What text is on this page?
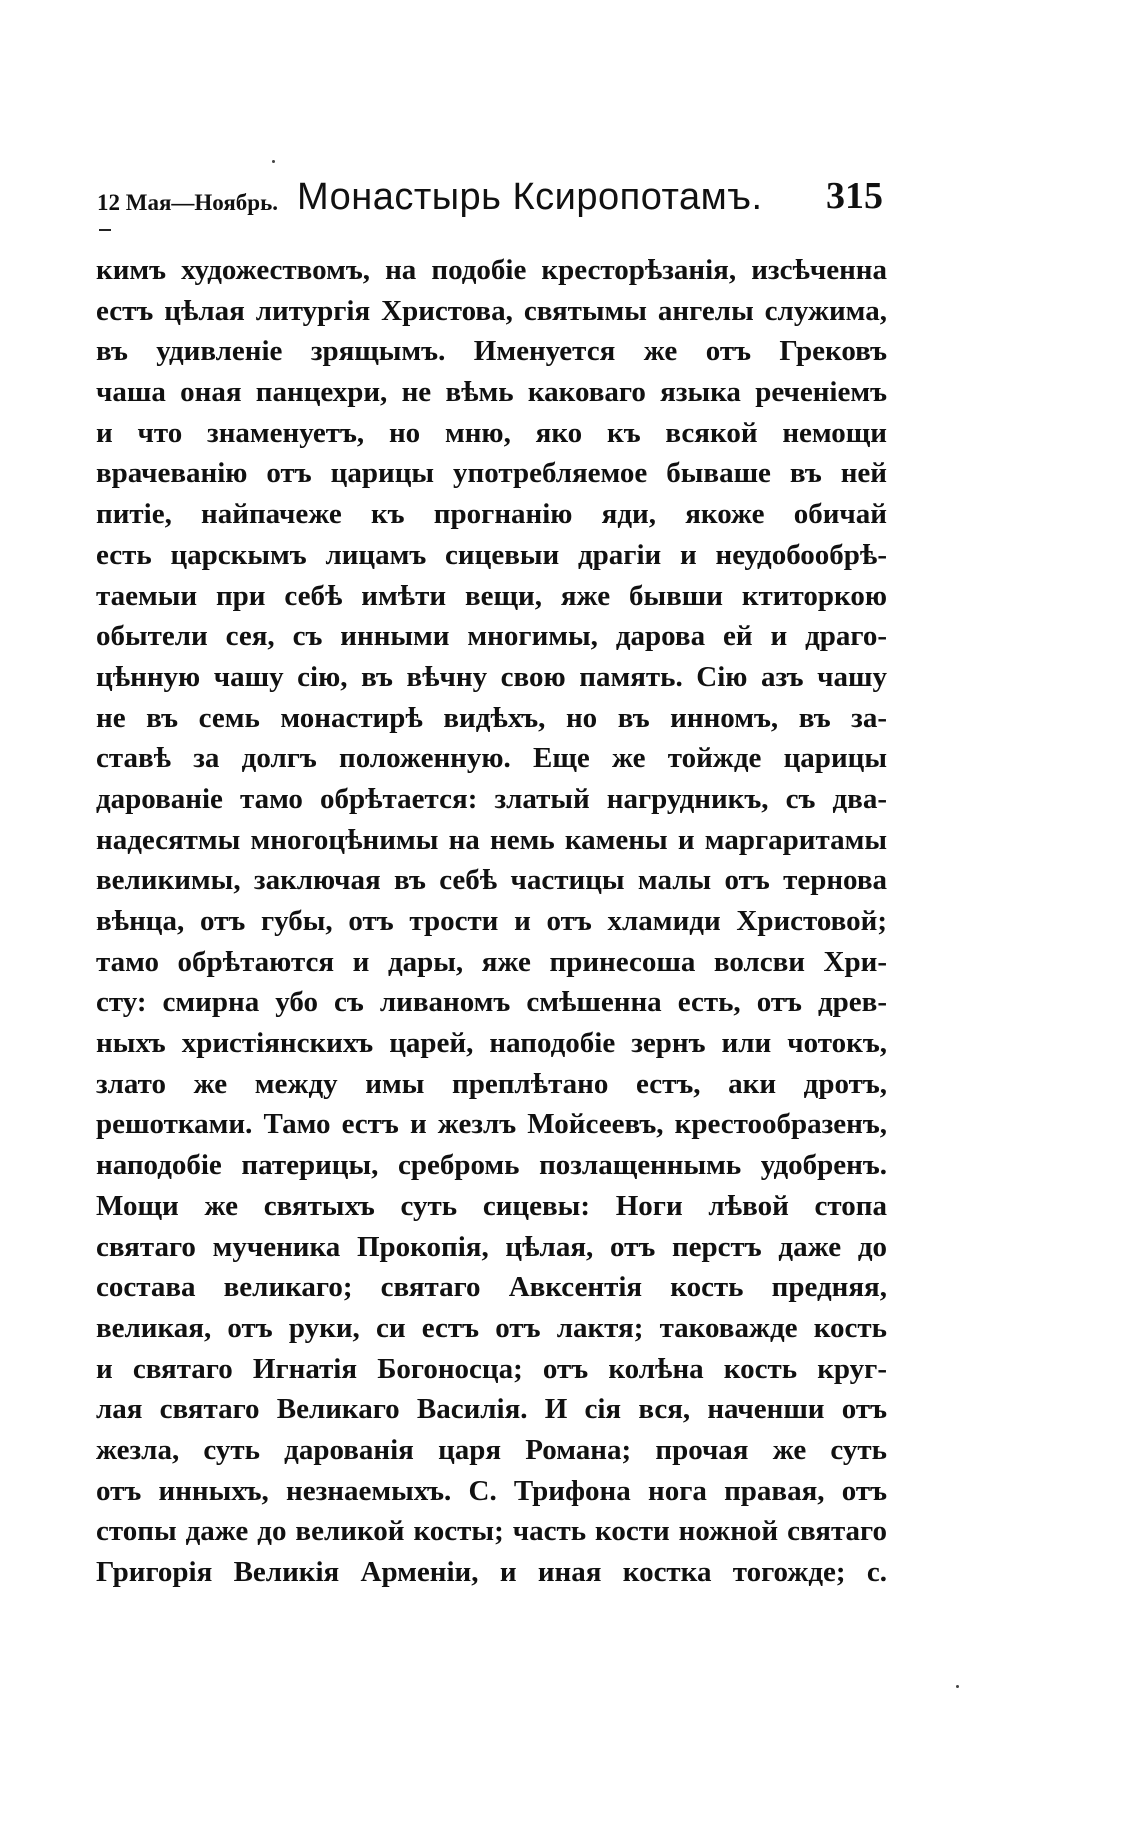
12 Мая—Ноябрь. Монастырь Ксиропотамъ. 315
кимъ художествомъ, на подобіе кресторѣзанія, изсѣченна
естъ цѣлая литургія Христова, святымы ангелы служима,
въ удивленіе зрящымъ. Именуется же отъ Грековъ
чаша оная панцехри, не вѣмь каковаго языка реченіемъ
и что знаменуетъ, но мню, яко къ всякой немощи
врачеванію отъ царицы употребляемое бываше въ ней
питіе, найпачеже къ прогнанію яди, якоже обичай
есть царскымъ лицамъ сицевыи драгіи и неудобообрѣ-
таемыи при себѣ имѣти вещи, яже бывши ктиторкою
обытели сея, съ инными многимы, дарова ей и драго-
цѣнную чашу сію, въ вѣчну свою память. Сію азъ чашу
не въ семь монастирѣ видѣхъ, но въ инномъ, въ за-
ставѣ за долгъ положенную. Еще же тойжде царицы
дарованіе тамо обрѣтается: златый нагрудникъ, съ два-
надесятмы многоцѣнимы на немь камены и маргаритамы
великимы, заключая въ себѣ частицы малы отъ тернова
вѣнца, отъ губы, отъ трости и отъ хламиди Христовой;
тамо обрѣтаются и дары, яже принесоша волсви Хри-
сту: смирна убо съ ливаномъ смѣшенна есть, отъ древ-
ныхъ христіянскихъ царей, наподобіе зернъ или чотокъ,
злато же между имы преплѣтано естъ, аки дротъ,
решотками. Тамо естъ и жезлъ Мойсеевъ, крестообразенъ,
наподобіе патерицы, сребромь позлащеннымь удобренъ.
Мощи же святыхъ суть сицевы: Ноги лѣвой стопа
святаго мученика Прокопія, цѣлая, отъ перстъ даже до
состава великаго; святаго Авксентія кость предняя,
великая, отъ руки, си естъ отъ лактя; таковажде кость
и святаго Игнатія Богоносца; отъ колѣна кость круг-
лая святаго Великаго Василія. И сія вся, наченши отъ
жезла, суть дарованія царя Романа; прочая же суть
отъ инныхъ, незнаемыхъ. С. Трифона нога правая, отъ
стопы даже до великой косты; часть кости ножной святаго
Григорія Великія Арменіи, и иная костка тогожде; с.
